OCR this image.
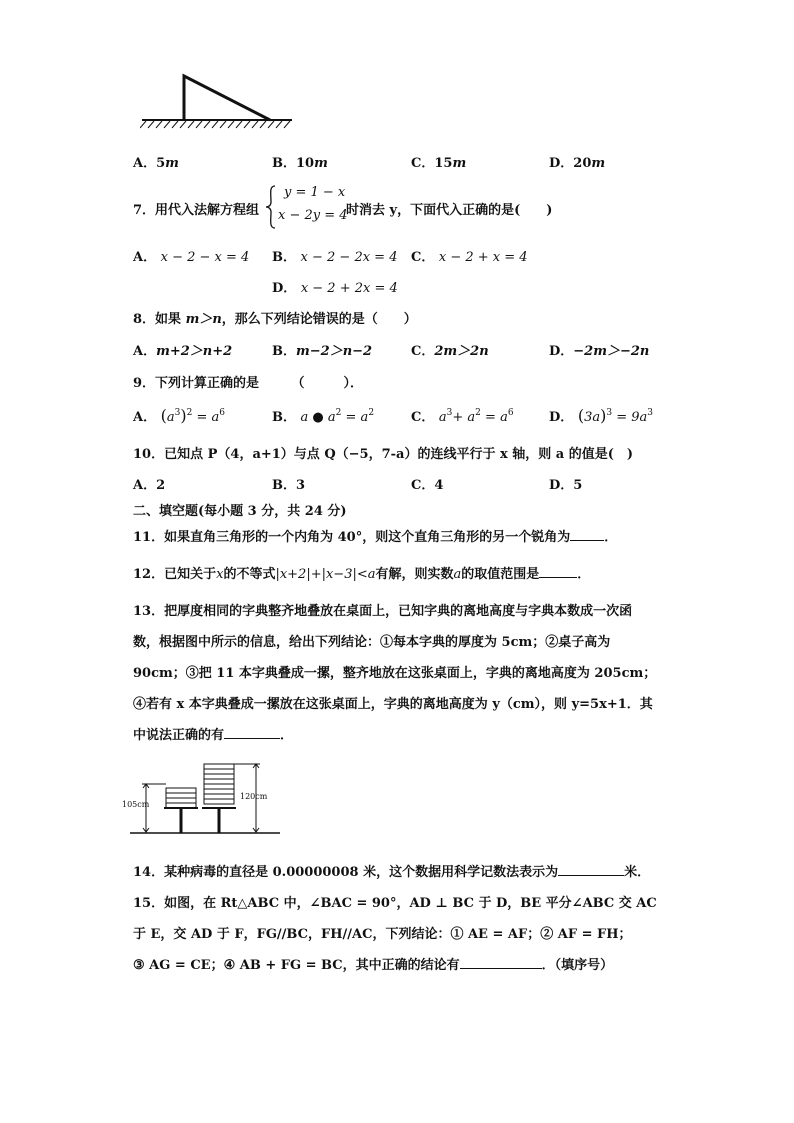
A．5m	B．10m	C．15m	D．20m
7．用代入法解方程组
y = 1 − x
x − 2y = 4
时消去 y，下面代入正确的是(　　)
A． x − 2 − x = 4 B． x − 2 − 2x = 4 C． x − 2 + x = 4
D． x − 2 + 2x = 4
8．如果 m＞n，那么下列结论错误的是（　　）
A．m+2＞n+2	B．m−2＞n−2	C．2m＞2n	D．−2m＞−2n
9．下列计算正确的是　　　（　　　）．
A． $(a^3)^2 = a^6$	B． a ● $a^2 = a^2$	C． $a^3+ a^2 = a^6$	D． $(3a)^3 = 9a^3$
10．已知点 P（4，a+1）与点 Q（−5，7-a）的连线平行于 x 轴，则 a 的值是(　)
A．2	B．3	C．4	D．5
二、填空题(每小题 3 分，共 24 分)
11．如果直角三角形的一个内角为 40°，则这个直角三角形的另一个锐角为	．
12．已知关于x的不等式|x+2|+|x−3|<a有解，则实数a的取值范围是	．
13．把厚度相同的字典整齐地叠放在桌面上，已知字典的离地高度与字典本数成一次函
数，根据图中所示的信息，给出下列结论：①每本字典的厚度为 5cm；②桌子高为
90cm；③把 11 本字典叠成一摞，整齐地放在这张桌面上，字典的离地高度为 205cm；
④若有 x 本字典叠成一摞放在这张桌面上，字典的离地高度为 y（cm），则 y=5x+1．其
中说法正确的有	．
105cm
120cm
14．某种病毒的直径是 0.00000008 米，这个数据用科学记数法表示为	米．
15．如图，在 Rt△ABC 中，∠BAC = 90°，AD ⊥ BC 于 D，BE 平分∠ABC 交 AC
于 E，交 AD 于 F，FG//BC，FH//AC，下列结论：① AE = AF；② AF = FH；
③ AG = CE；④ AB + FG = BC，其中正确的结论有	．（填序号）
